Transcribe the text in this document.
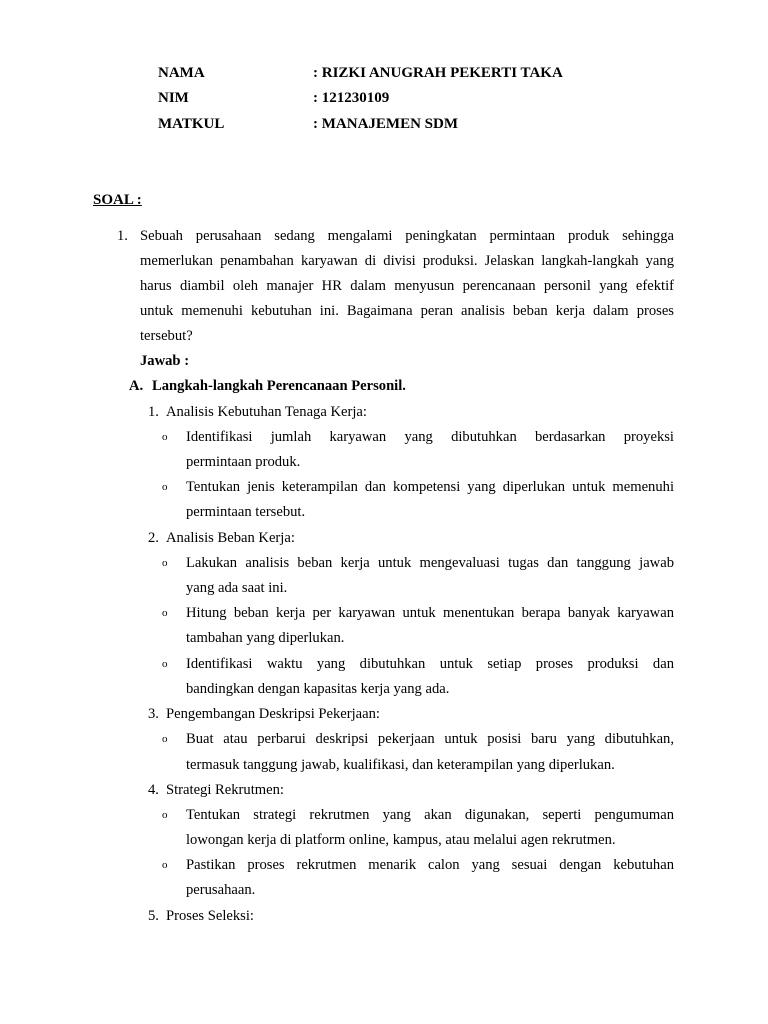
NAMA	: RIZKI ANUGRAH PEKERTI TAKA
NIM	: 121230109
MATKUL	: MANAJEMEN SDM
SOAL :
1. Sebuah perusahaan sedang mengalami peningkatan permintaan produk sehingga
memerlukan penambahan karyawan di divisi produksi. Jelaskan langkah-langkah yang
harus diambil oleh manajer HR dalam menyusun perencanaan personil yang efektif
untuk memenuhi kebutuhan ini. Bagaimana peran analisis beban kerja dalam proses
tersebut?
Jawab :
A. Langkah-langkah Perencanaan Personil.
1. Analisis Kebutuhan Tenaga Kerja:
o Identifikasi jumlah karyawan yang dibutuhkan berdasarkan proyeksi
permintaan produk.
o Tentukan jenis keterampilan dan kompetensi yang diperlukan untuk memenuhi
permintaan tersebut.
2. Analisis Beban Kerja:
o Lakukan analisis beban kerja untuk mengevaluasi tugas dan tanggung jawab
yang ada saat ini.
o Hitung beban kerja per karyawan untuk menentukan berapa banyak karyawan
tambahan yang diperlukan.
o Identifikasi waktu yang dibutuhkan untuk setiap proses produksi dan
bandingkan dengan kapasitas kerja yang ada.
3. Pengembangan Deskripsi Pekerjaan:
o Buat atau perbarui deskripsi pekerjaan untuk posisi baru yang dibutuhkan,
termasuk tanggung jawab, kualifikasi, dan keterampilan yang diperlukan.
4. Strategi Rekrutmen:
o Tentukan strategi rekrutmen yang akan digunakan, seperti pengumuman
lowongan kerja di platform online, kampus, atau melalui agen rekrutmen.
o Pastikan proses rekrutmen menarik calon yang sesuai dengan kebutuhan
perusahaan.
5. Proses Seleksi:
